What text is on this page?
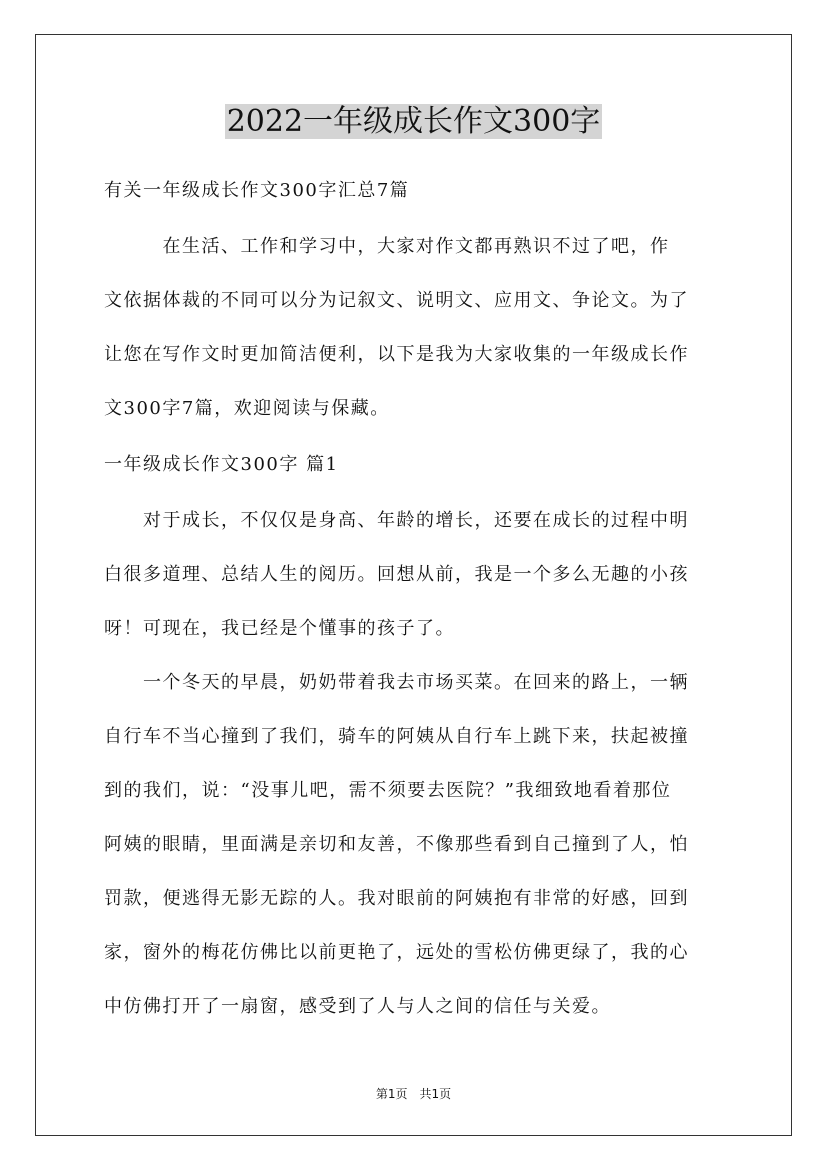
2022一年级成长作文300字
有关一年级成长作文300字汇总7篇
　　　在生活、工作和学习中，大家对作文都再熟识不过了吧，作
文依据体裁的不同可以分为记叙文、说明文、应用文、争论文。为了
让您在写作文时更加简洁便利，以下是我为大家收集的一年级成长作
文300字7篇，欢迎阅读与保藏。
一年级成长作文300字 篇1
　　对于成长，不仅仅是身高、年龄的增长，还要在成长的过程中明
白很多道理、总结人生的阅历。回想从前，我是一个多么无趣的小孩
呀！可现在，我已经是个懂事的孩子了。
　　一个冬天的早晨，奶奶带着我去市场买菜。在回来的路上，一辆
自行车不当心撞到了我们，骑车的阿姨从自行车上跳下来，扶起被撞
到的我们，说：“没事儿吧，需不须要去医院？”我细致地看着那位
阿姨的眼睛，里面满是亲切和友善，不像那些看到自己撞到了人，怕
罚款，便逃得无影无踪的人。我对眼前的阿姨抱有非常的好感，回到
家，窗外的梅花仿佛比以前更艳了，远处的雪松仿佛更绿了，我的心
中仿佛打开了一扇窗，感受到了人与人之间的信任与关爱。
第1页　共1页
